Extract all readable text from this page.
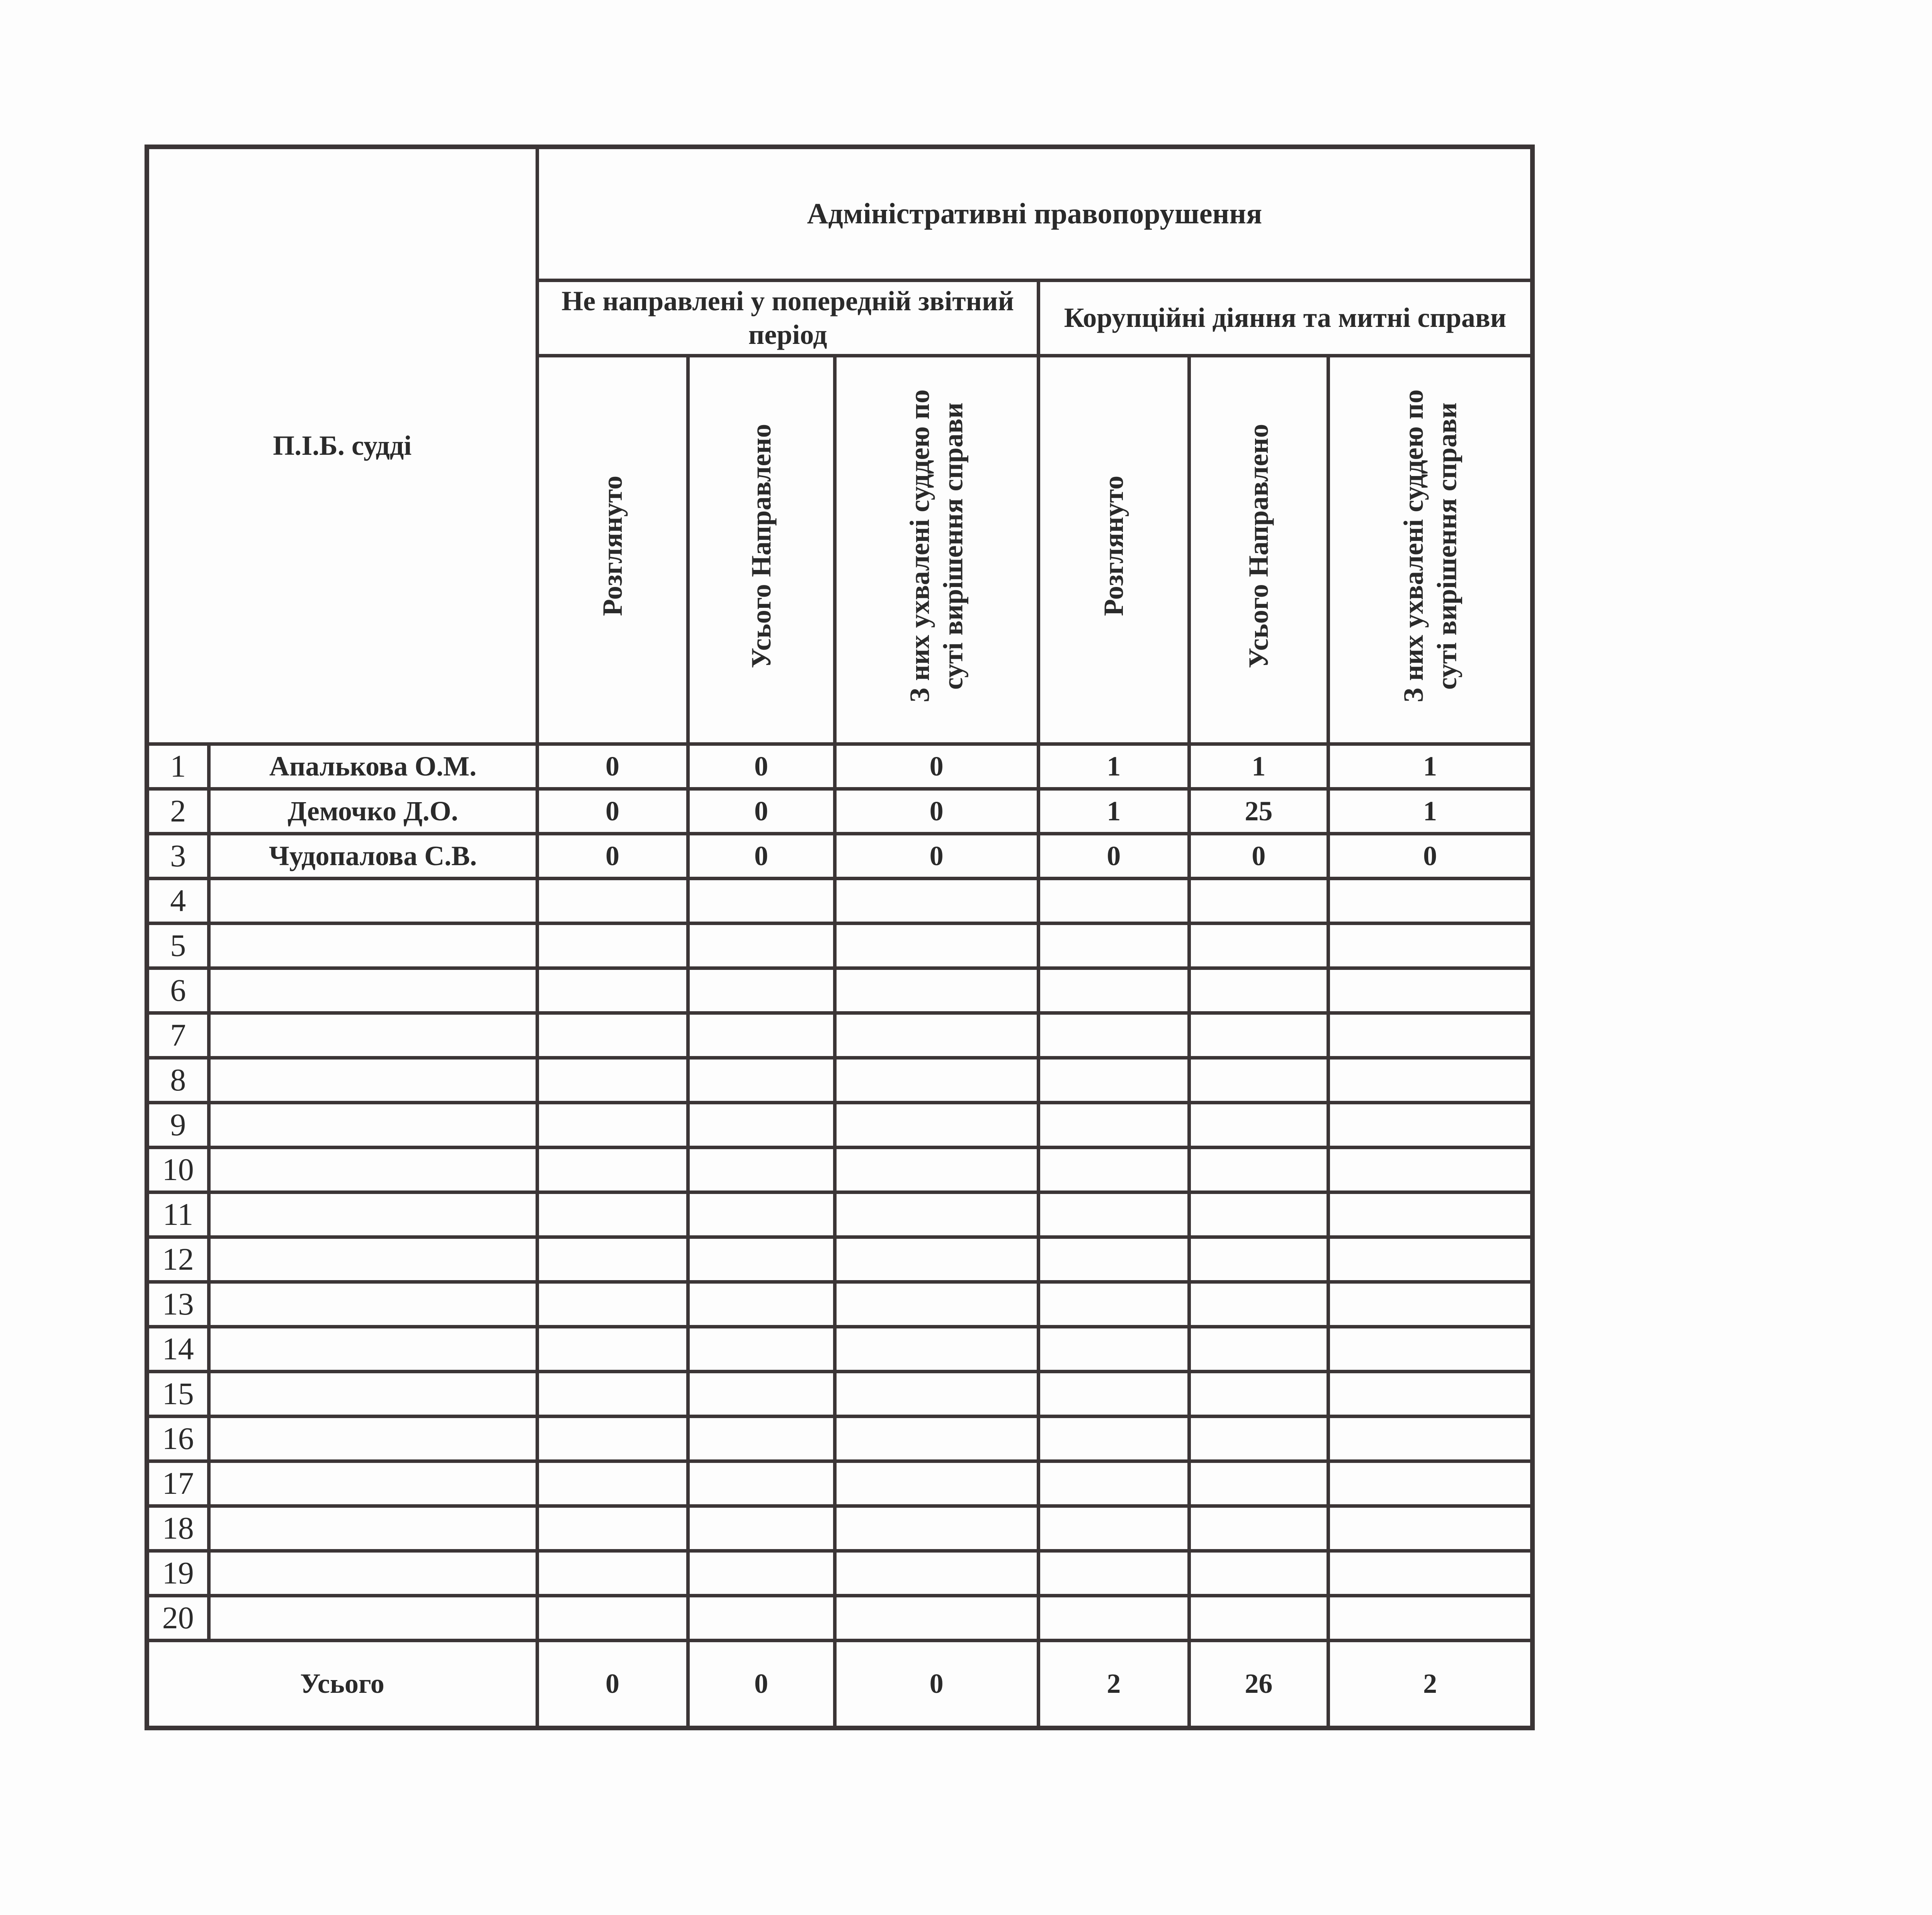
П.І.Б. судді		Адміністративні правопорушення					
		Не направлені у попередній звітний період			Корупційні діяння та митні справи		
		Розглянуто	Усього Направлено	З них ухвалені суддею по суті вирішення справи	Розглянуто	Усього Направлено	З них ухвалені суддею по суті вирішення справи
1	Апалькова О.М.	0	0	0	1	1	1
2	Демочко Д.О.	0	0	0	1	25	1
3	Чудопалова С.В.	0	0	0	0	0	0
4							
5							
6							
7							
8							
9							
10							
11							
12							
13							
14							
15							
16							
17							
18							
19							
20							
Усього		0	0	0	2	26	2
